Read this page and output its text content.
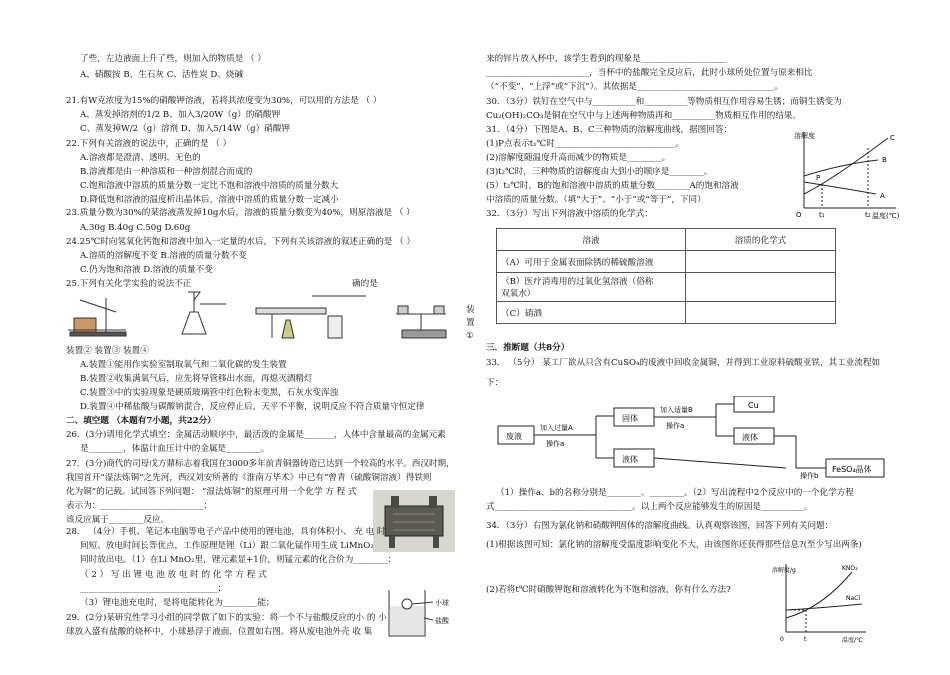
了些，左边液面上升了些，则加入的物质是 （ ）
A、硝酸铵 B、生石灰 C、活性炭 D、烧碱
21.有W克浓度为15%的硝酸钾溶液，若将其浓度变为30%，可以用的方法是 （ ）
A、蒸发掉溶剂的1/2 B、加入3/20W（g）的硝酸钾
C、蒸发掉W/2（g）溶剂 D、加入5/14W（g）硝酸钾
22.下列有关溶液的说法中，正确的是 （ ）
A.溶液都是澄清、透明、无色的
B.溶液都是由一种溶质和一种溶剂混合而成的
C.饱和溶液中溶质的质量分数一定比不饱和溶液中溶质的质量分数大
D.降低饱和溶液的温度析出晶体后，溶液中溶质的质量分数一定减小
23.质量分数为30%的某溶液蒸发掉10g水后，溶液的质量分数变为40%，则原溶液是 （ ）
A.30g B.40g C.50g D.60g
24.25℃时向氢氧化钙饱和溶液中加入一定量的水后，下列有关该溶液的叙述正确的是 （ ）
A.溶质的溶解度不变 B.溶液的质量分数不变
C.仍为饱和溶液 D.溶液的质量不变
25.下列有关化学实验的说法不正	确的是
装
置
①
装置② 装置③ 装置④
A.装置①能用作实验室制取氧气和二氧化碳的发生装置
B.装置②收集满氧气后，应先将导管移出水面，再熄灭酒精灯
C.装置③中的实验现象是硬质玻璃管中红色粉末变黑，石灰水变浑浊
D.装置④中稀盐酸与碳酸钠混合，反应停止后，天平不平衡，说明反应不符合质量守恒定律
二、填空题 （本题有7小题，共22分）
26．(3分)请用化学式填空：金属活动顺序中，最活泼的金属是_______，人体中含量最高的金属元素
是________，体温计血压计中的金属是________。
27．(3分)商代的司母戊方鼎标志着我国在3000多年前青铜器铸造已达到一个较高的水平。西汉时期，
我国首开“湿法炼铜”之先河，西汉刘安所著的《淮南万毕术》中已有“曾青（硫酸铜溶液）得铁则
化为铜”的记载。试回答下列问题： “湿法炼铜”的原理可用一个化学 方 程 式
表示为：________________________；
该反应属于________反应。
28． （4分）手机、笔记本电脑等电子产品中使用的锂电池，具有体积小、 充 电 时
间短、放电时间长等优点，工作原理是锂（Li）跟二氧化锰作用生成 LiMnO₂
同时放出电。（1）在Li MnO₂里，锂元素显+1价，则锰元素的化合价为________；
（ 2 ） 写 出 锂 电 池 放 电 时 的 化 学 方 程 式
________________________________；
（3）锂电池充电时，是将电能转化为________能；
29．(2分)某研究性学习小组的同学做了如下的实验：将一个不与盐酸反应的小 的 小
球放入盛有盐酸的烧杯中，小球悬浮于液面，位置如右图。将从废电池外壳 收 集
小球
盐酸
来的锌片放入杯中，该学生看到的现象是____________________
________________________，当杯中的盐酸完全反应后，此时小球所处位置与原来相比
（“不变”、“上浮”或“下沉”）。其依据是________________________________。
30．（3分）铁钉在空气中与__________和__________等物质相互作用容易生锈；而铜生锈变为
Cu₂(OH)₂CO₃是铜在空气中与上述两种物质再和__________物质相互作用的结果。
31．（4分）下图是A、B、C三种物质的溶解度曲线，据图回答：
(1)P点表示t₁℃时____________________________。
(2)溶解度随温度升高而减少的物质是________。
(3)t₂℃时，三种物质的溶解度由大到小的顺序是________。
(5）t₂℃时，B的饱和溶液中溶质的质量分数________A的饱和溶液
中溶质的质量分数。（填“大于”、“小于”或“等于”，下同）
溶解度
温度(℃)
O t₁	t₂
A
B
C
P
32．（3分）写出下列溶液中溶质的化学式：
溶液	溶质的化学式
（A）可用于金属表面除锈的稀硫酸溶液	

（B）医疗消毒用的过氧化氢溶液（俗称
双氧水）	

（C）硝酒	
三．推断题（共8分）
33． （5分） 某工厂欲从只含有CuSO₄的废液中回收金属铜，并得到工业原料硫酸亚铁，其工业流程如
下：
废液
加入过量A
操作a
固体
液体
加入适量B
操作a
Cu
液体
操作b
FeSO₄晶体
（1）操作a、b的名称分别是________、________。（2）写出流程中2个反应中的一个化学方程
式________________________________。以上两个反应能够发生的原因是__________。
34．（3分）右图为氯化钠和硝酸钾固体的溶解度曲线。认真观察该图，回答下列有关问题：
(1)根据该图可知：氯化钠的溶解度受温度影响变化不大，由该图你还获得那些信息?(至少写出两条)
(2)若将t℃时硝酸钾饱和溶液转化为不饱和溶液，你有什么方法?
溶解度/g
温度/℃
0	t
KNO₃
NaCl
